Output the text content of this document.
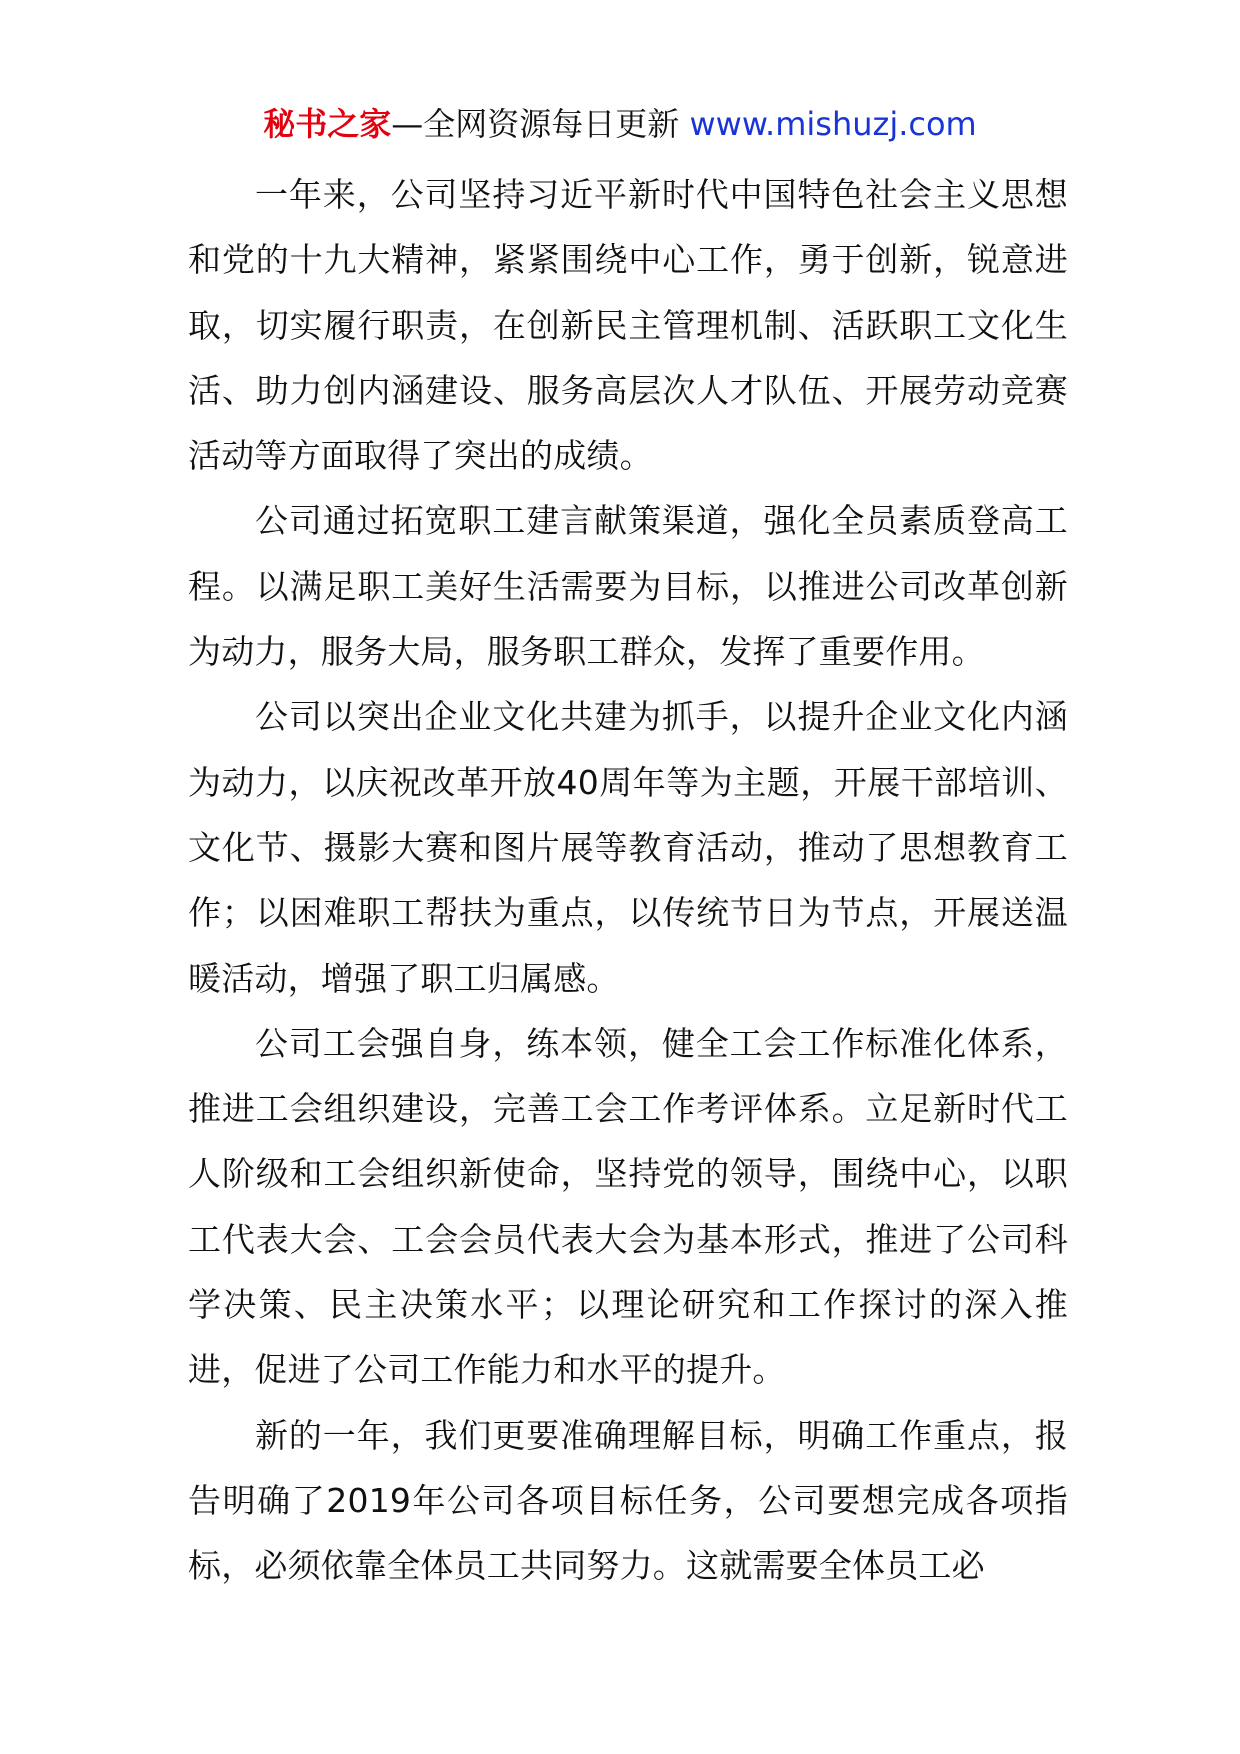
秘书之家—全网资源每日更新 www.mishuzj.com

一年来，公司坚持习近平新时代中国特色社会主义思想和党的十九大精神，紧紧围绕中心工作，勇于创新，锐意进取，切实履行职责，在创新民主管理机制、活跃职工文化生活、助力创内涵建设、服务高层次人才队伍、开展劳动竞赛活动等方面取得了突出的成绩。

公司通过拓宽职工建言献策渠道，强化全员素质登高工程。以满足职工美好生活需要为目标，以推进公司改革创新为动力，服务大局，服务职工群众，发挥了重要作用。

公司以突出企业文化共建为抓手，以提升企业文化内涵为动力，以庆祝改革开放40周年等为主题，开展干部培训、文化节、摄影大赛和图片展等教育活动，推动了思想教育工作；以困难职工帮扶为重点，以传统节日为节点，开展送温暖活动，增强了职工归属感。

公司工会强自身，练本领，健全工会工作标准化体系，推进工会组织建设，完善工会工作考评体系。立足新时代工人阶级和工会组织新使命，坚持党的领导，围绕中心，以职工代表大会、工会会员代表大会为基本形式，推进了公司科学决策、民主决策水平；以理论研究和工作探讨的深入推进，促进了公司工作能力和水平的提升。

新的一年，我们更要准确理解目标，明确工作重点，报告明确了2019年公司各项目标任务，公司要想完成各项指标，必须依靠全体员工共同努力。这就需要全体员工必
